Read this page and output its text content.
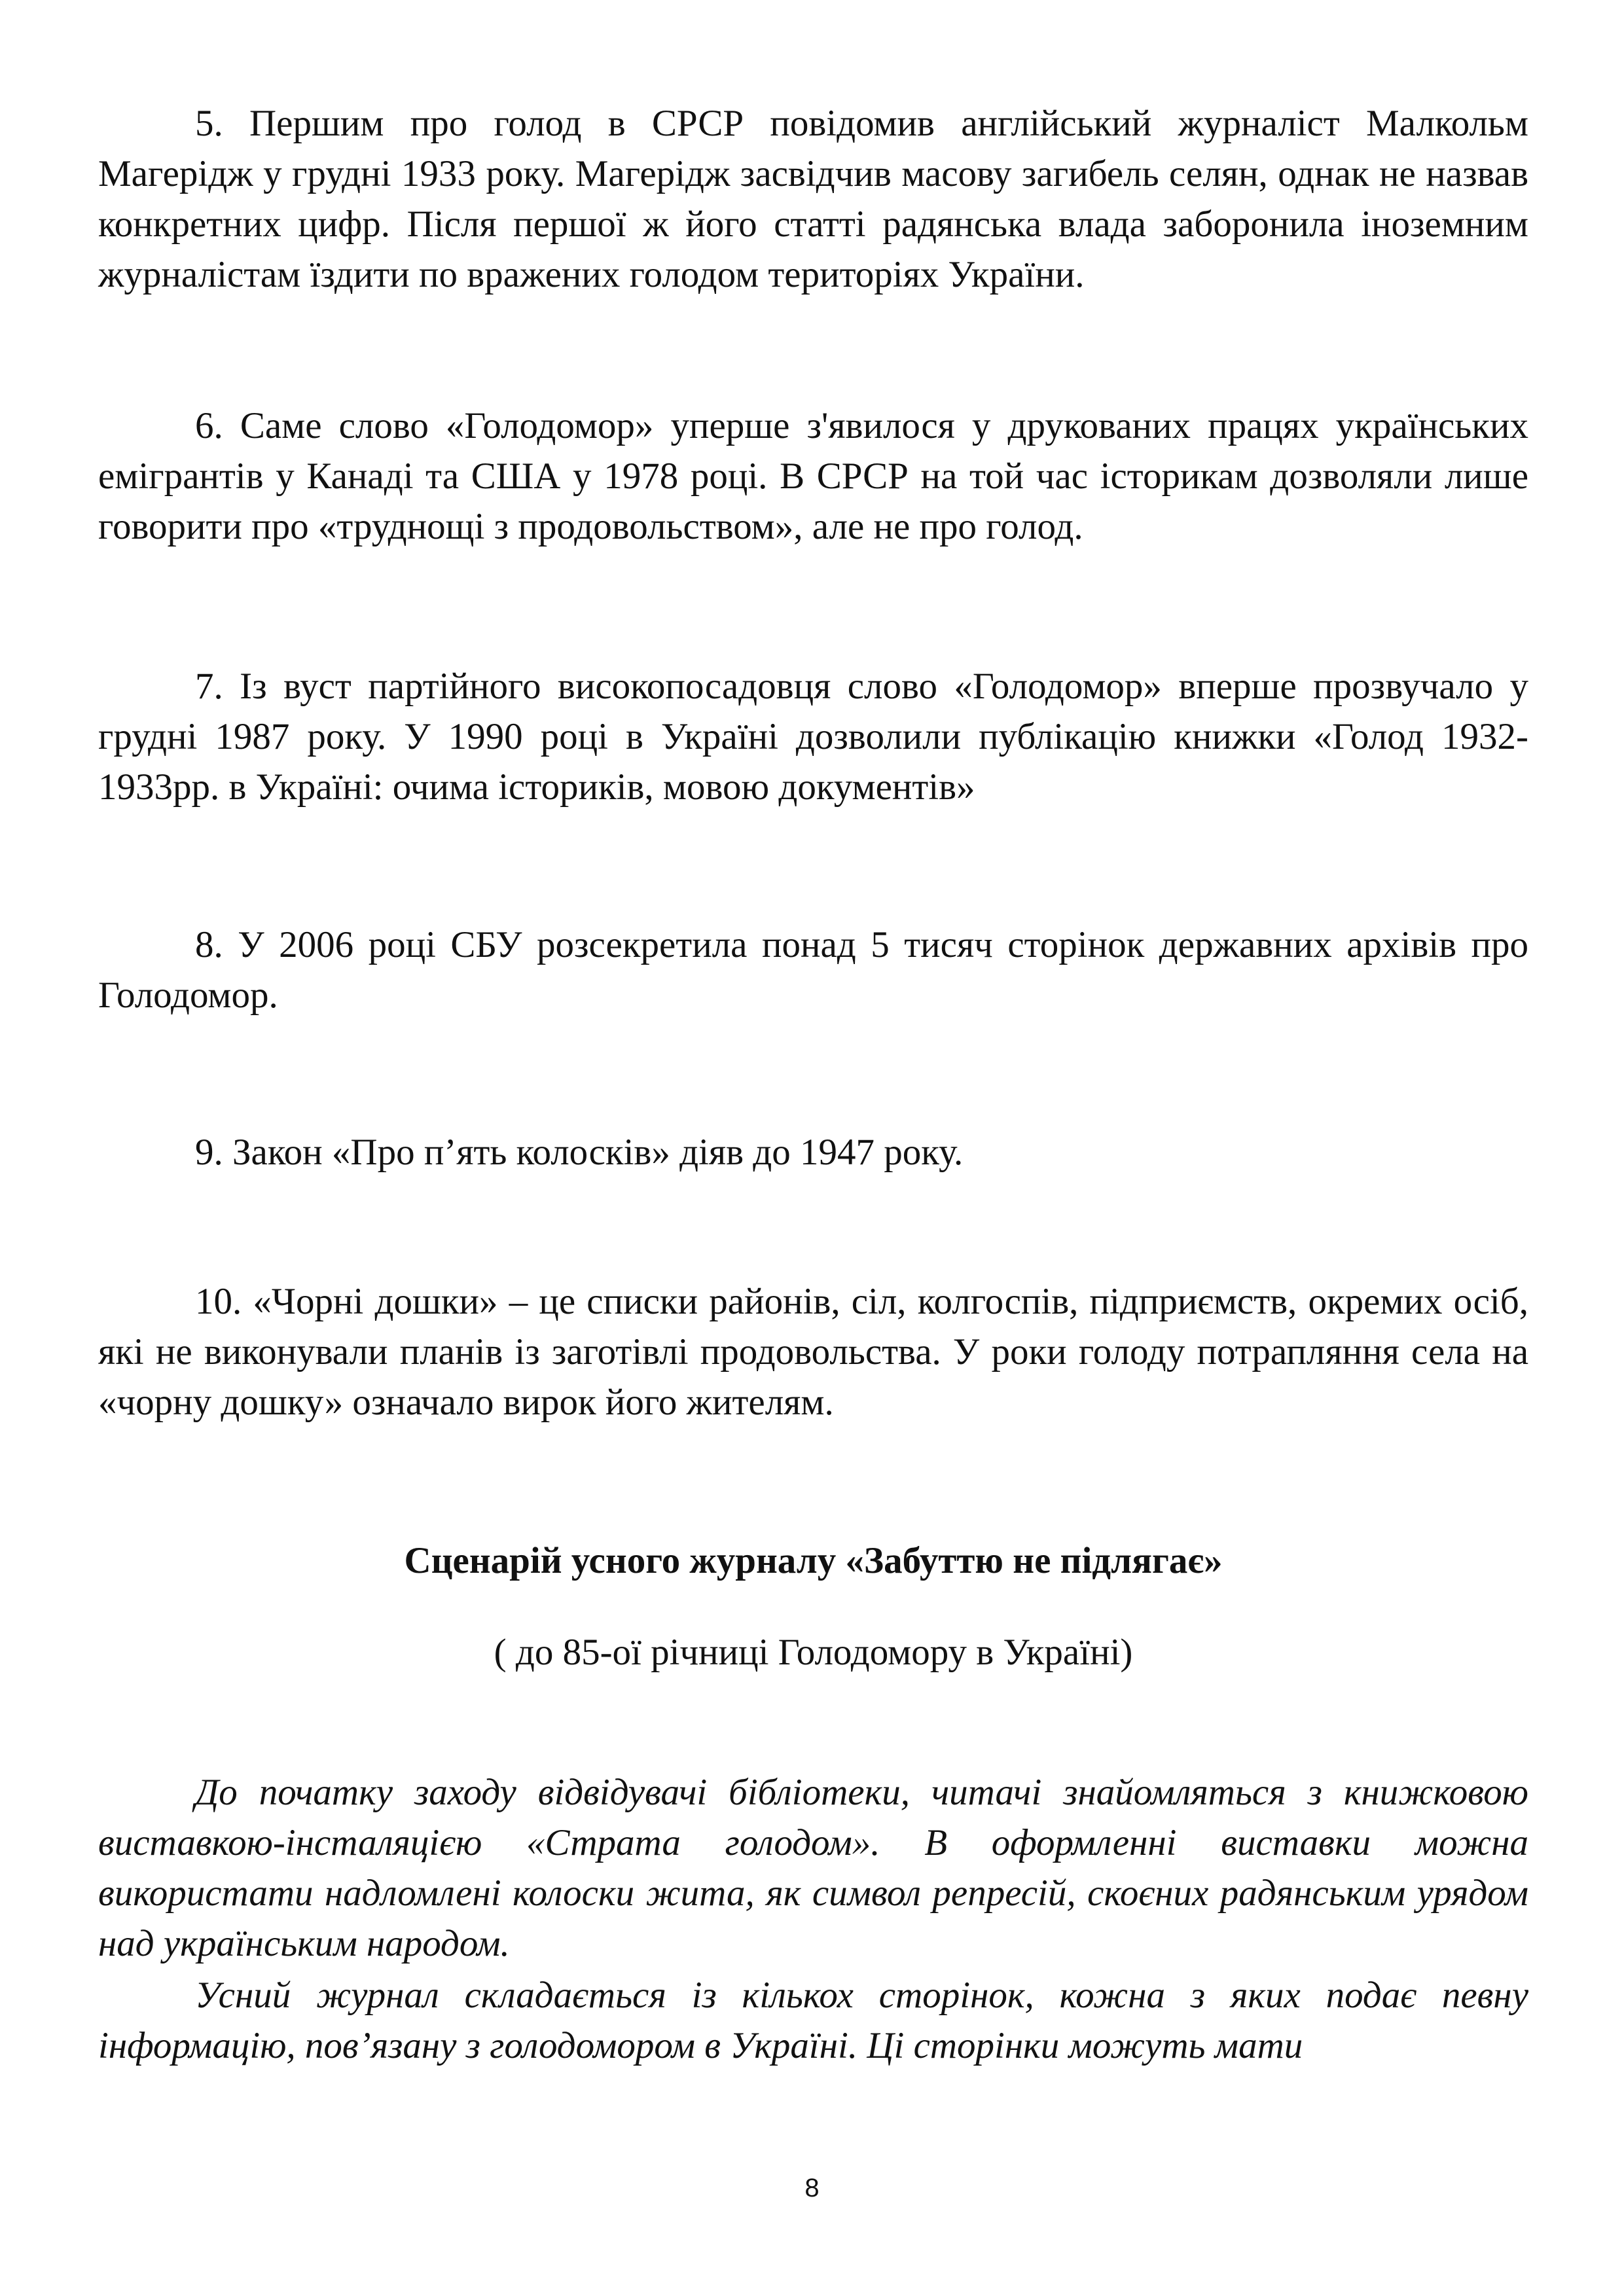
5. Першим про голод в СРСР повідомив англійський журналіст Малкольм Магерідж у грудні 1933 року. Магерідж засвідчив масову загибель селян, однак не назвав конкретних цифр. Після першої ж його статті радянська влада заборонила іноземним журналістам їздити по вражених голодом територіях України.

6. Саме слово «Голодомор» уперше з'явилося у друкованих працях українських емігрантів у Канаді та США у 1978 році. В СРСР на той час історикам дозволяли лише говорити про «труднощі з продовольством», але не про голод.

7. Із вуст партійного високопосадовця слово «Голодомор» вперше прозвучало у грудні 1987 року. У 1990 році в Україні дозволили публікацію книжки «Голод 1932-1933рр. в Україні: очима істориків, мовою документів»

8. У 2006 році СБУ розсекретила понад 5 тисяч сторінок державних архівів про Голодомор.

9. Закон «Про п’ять колосків» діяв до 1947 року.

10. «Чорні дошки» – це списки районів, сіл, колгоспів, підприємств, окремих осіб, які не виконували планів із заготівлі продовольства. У роки голоду потрапляння села на «чорну дошку» означало вирок його жителям.

Сценарій усного журналу «Забуттю не підлягає»

( до 85-ої річниці Голодомору в Україні)

До початку заходу відвідувачі бібліотеки, читачі знайомляться з книжковою виставкою-інсталяцією «Страта голодом». В оформленні виставки можна використати надломлені колоски жита, як символ репресій, скоєних радянським урядом над українським народом.

Усний журнал складається із кількох сторінок, кожна з яких подає певну інформацію, пов’язану з голодомором в Україні. Ці сторінки можуть мати

8
